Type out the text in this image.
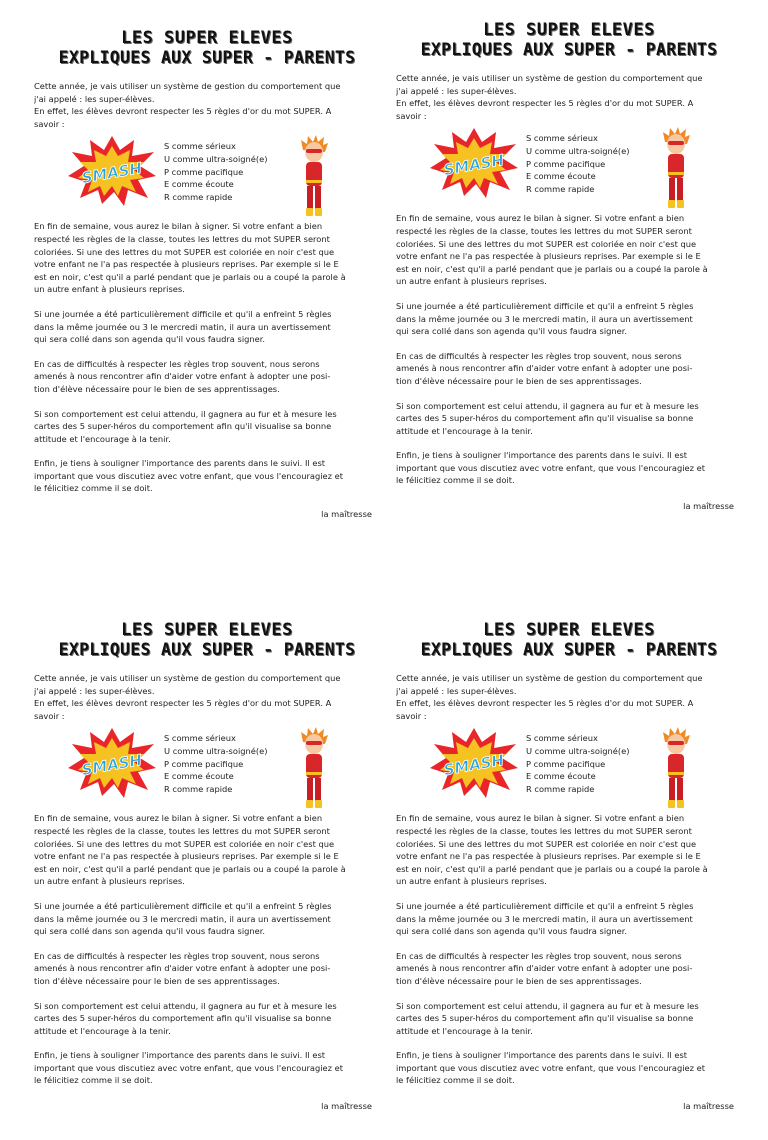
LES SUPER ELEVES
EXPLIQUES AUX SUPER - PARENTS

Cette année, je vais utiliser un système de gestion du comportement que

j'ai appelé : les super-élèves.

En effet, les élèves devront respecter les 5 règles d'or du mot SUPER. A

savoir :

SMASH
S comme sérieux
U comme ultra-soigné(e)
P comme pacifique
E comme écoute
R comme rapide

En fin de semaine, vous aurez le bilan à signer. Si votre enfant a bien

respecté les règles de la classe, toutes les lettres du mot SUPER seront

coloriées. Si une des lettres du mot SUPER est coloriée en noir c'est que

votre enfant ne l'a pas respectée à plusieurs reprises. Par exemple si le E

est en noir, c'est qu'il a parlé pendant que je parlais ou a coupé la parole à

un autre enfant à plusieurs reprises.

Si une journée a été particulièrement difficile et qu'il a enfreint 5 règles

dans la même journée ou 3 le mercredi matin, il aura un avertissement

qui sera collé dans son agenda qu'il vous faudra signer.

En cas de difficultés à respecter les règles trop souvent, nous serons

amenés à nous rencontrer afin d'aider votre enfant à adopter une posi-

tion d'élève nécessaire pour le bien de ses apprentissages.

Si son comportement est celui attendu, il gagnera au fur et à mesure les

cartes des 5 super-héros du comportement afin qu'il visualise sa bonne

attitude et l'encourage à la tenir.

Enfin, je tiens à souligner l'importance des parents dans le suivi. Il est

important que vous discutiez avec votre enfant, que vous l'encouragiez et

le félicitiez comme il se doit.

la maîtresse
LES SUPER ELEVES
EXPLIQUES AUX SUPER - PARENTS

Cette année, je vais utiliser un système de gestion du comportement que

j'ai appelé : les super-élèves.

En effet, les élèves devront respecter les 5 règles d'or du mot SUPER. A

savoir :

SMASH
S comme sérieux
U comme ultra-soigné(e)
P comme pacifique
E comme écoute
R comme rapide

En fin de semaine, vous aurez le bilan à signer. Si votre enfant a bien

respecté les règles de la classe, toutes les lettres du mot SUPER seront

coloriées. Si une des lettres du mot SUPER est coloriée en noir c'est que

votre enfant ne l'a pas respectée à plusieurs reprises. Par exemple si le E

est en noir, c'est qu'il a parlé pendant que je parlais ou a coupé la parole à

un autre enfant à plusieurs reprises.

Si une journée a été particulièrement difficile et qu'il a enfreint 5 règles

dans la même journée ou 3 le mercredi matin, il aura un avertissement

qui sera collé dans son agenda qu'il vous faudra signer.

En cas de difficultés à respecter les règles trop souvent, nous serons

amenés à nous rencontrer afin d'aider votre enfant à adopter une posi-

tion d'élève nécessaire pour le bien de ses apprentissages.

Si son comportement est celui attendu, il gagnera au fur et à mesure les

cartes des 5 super-héros du comportement afin qu'il visualise sa bonne

attitude et l'encourage à la tenir.

Enfin, je tiens à souligner l'importance des parents dans le suivi. Il est

important que vous discutiez avec votre enfant, que vous l'encouragiez et

le félicitiez comme il se doit.

la maîtresse
LES SUPER ELEVES
EXPLIQUES AUX SUPER - PARENTS

Cette année, je vais utiliser un système de gestion du comportement que

j'ai appelé : les super-élèves.

En effet, les élèves devront respecter les 5 règles d'or du mot SUPER. A

savoir :

SMASH
S comme sérieux
U comme ultra-soigné(e)
P comme pacifique
E comme écoute
R comme rapide

En fin de semaine, vous aurez le bilan à signer. Si votre enfant a bien

respecté les règles de la classe, toutes les lettres du mot SUPER seront

coloriées. Si une des lettres du mot SUPER est coloriée en noir c'est que

votre enfant ne l'a pas respectée à plusieurs reprises. Par exemple si le E

est en noir, c'est qu'il a parlé pendant que je parlais ou a coupé la parole à

un autre enfant à plusieurs reprises.

Si une journée a été particulièrement difficile et qu'il a enfreint 5 règles

dans la même journée ou 3 le mercredi matin, il aura un avertissement

qui sera collé dans son agenda qu'il vous faudra signer.

En cas de difficultés à respecter les règles trop souvent, nous serons

amenés à nous rencontrer afin d'aider votre enfant à adopter une posi-

tion d'élève nécessaire pour le bien de ses apprentissages.

Si son comportement est celui attendu, il gagnera au fur et à mesure les

cartes des 5 super-héros du comportement afin qu'il visualise sa bonne

attitude et l'encourage à la tenir.

Enfin, je tiens à souligner l'importance des parents dans le suivi. Il est

important que vous discutiez avec votre enfant, que vous l'encouragiez et

le félicitiez comme il se doit.

la maîtresse
LES SUPER ELEVES
EXPLIQUES AUX SUPER - PARENTS

Cette année, je vais utiliser un système de gestion du comportement que

j'ai appelé : les super-élèves.

En effet, les élèves devront respecter les 5 règles d'or du mot SUPER. A

savoir :

SMASH
S comme sérieux
U comme ultra-soigné(e)
P comme pacifique
E comme écoute
R comme rapide

En fin de semaine, vous aurez le bilan à signer. Si votre enfant a bien

respecté les règles de la classe, toutes les lettres du mot SUPER seront

coloriées. Si une des lettres du mot SUPER est coloriée en noir c'est que

votre enfant ne l'a pas respectée à plusieurs reprises. Par exemple si le E

est en noir, c'est qu'il a parlé pendant que je parlais ou a coupé la parole à

un autre enfant à plusieurs reprises.

Si une journée a été particulièrement difficile et qu'il a enfreint 5 règles

dans la même journée ou 3 le mercredi matin, il aura un avertissement

qui sera collé dans son agenda qu'il vous faudra signer.

En cas de difficultés à respecter les règles trop souvent, nous serons

amenés à nous rencontrer afin d'aider votre enfant à adopter une posi-

tion d'élève nécessaire pour le bien de ses apprentissages.

Si son comportement est celui attendu, il gagnera au fur et à mesure les

cartes des 5 super-héros du comportement afin qu'il visualise sa bonne

attitude et l'encourage à la tenir.

Enfin, je tiens à souligner l'importance des parents dans le suivi. Il est

important que vous discutiez avec votre enfant, que vous l'encouragiez et

le félicitiez comme il se doit.

la maîtresse
